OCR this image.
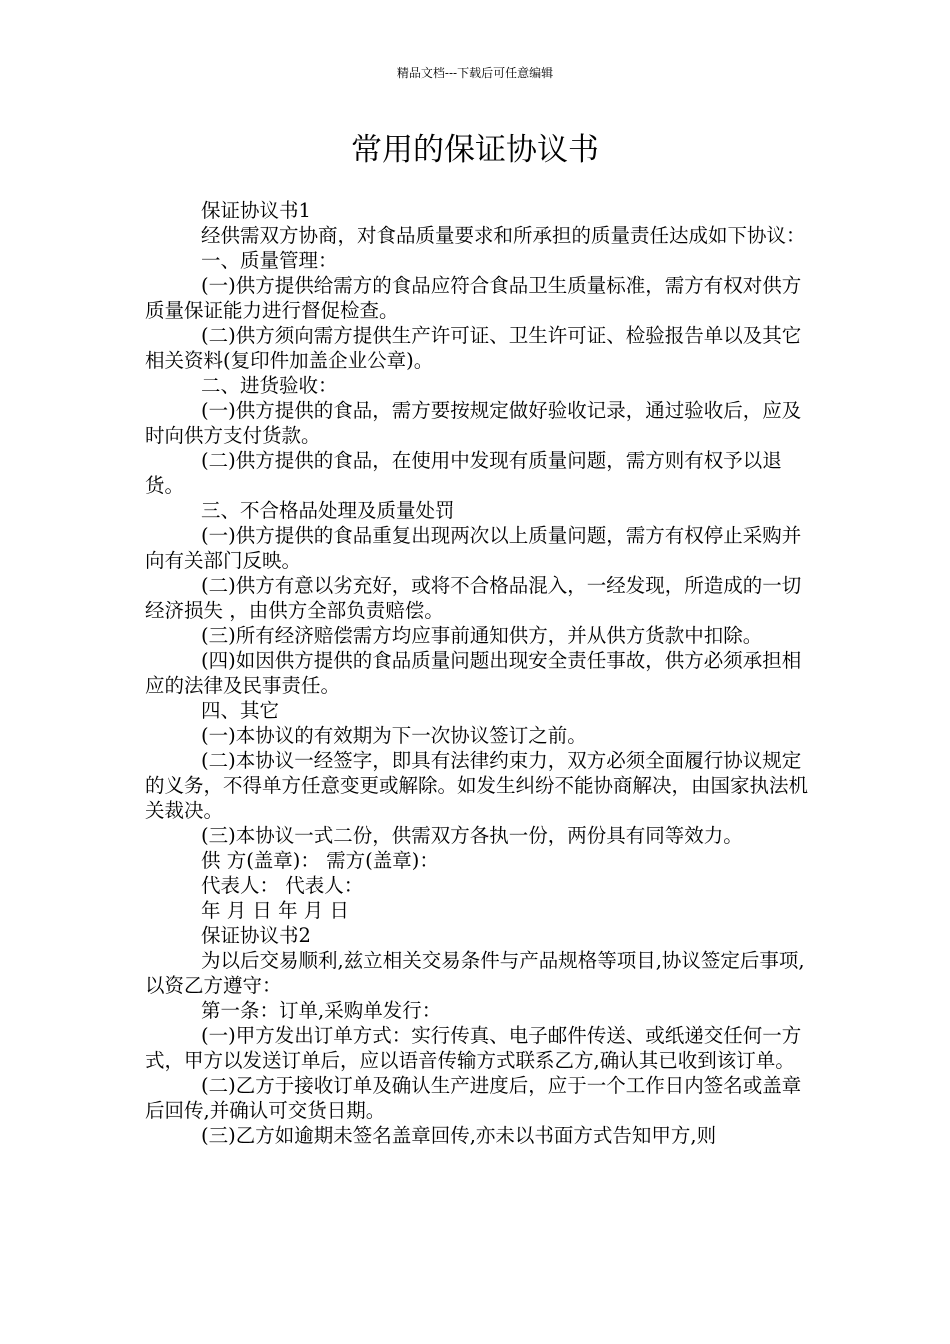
精品文档---下载后可任意编辑
常用的保证协议书

保证协议书1

经供需双方协商，对食品质量要求和所承担的质量责任达成如下协议：

一、质量管理：

(一)供方提供给需方的食品应符合食品卫生质量标准，需方有权对供方质量保证能力进行督促检查。

(二)供方须向需方提供生产许可证、卫生许可证、检验报告单以及其它相关资料(复印件加盖企业公章)。

二、进货验收：

(一)供方提供的食品，需方要按规定做好验收记录，通过验收后，应及时向供方支付货款。

(二)供方提供的食品，在使用中发现有质量问题，需方则有权予以退货。

三、不合格品处理及质量处罚

(一)供方提供的食品重复出现两次以上质量问题，需方有权停止采购并向有关部门反映。

(二)供方有意以劣充好，或将不合格品混入，一经发现，所造成的一切经济损失 ，由供方全部负责赔偿。

(三)所有经济赔偿需方均应事前通知供方，并从供方货款中扣除。

(四)如因供方提供的食品质量问题出现安全责任事故，供方必须承担相应的法律及民事责任。

四、其它

(一)本协议的有效期为下一次协议签订之前。

(二)本协议一经签字，即具有法律约束力，双方必须全面履行协议规定的义务，不得单方任意变更或解除。如发生纠纷不能协商解决，由国家执法机关裁决。

(三)本协议一式二份，供需双方各执一份，两份具有同等效力。

供 方(盖章)： 需方(盖章)：

代表人： 代表人：

年 月 日 年 月 日

保证协议书2

为以后交易顺利,兹立相关交易条件与产品规格等项目,协议签定后事项,以资乙方遵守：

第一条：订单,采购单发行：

(一)甲方发出订单方式：实行传真、电子邮件传送、或纸递交任何一方式，甲方以发送订单后，应以语音传输方式联系乙方,确认其已收到该订单。

(二)乙方于接收订单及确认生产进度后，应于一个工作日内签名或盖章后回传,并确认可交货日期。

(三)乙方如逾期未签名盖章回传,亦未以书面方式告知甲方,则
